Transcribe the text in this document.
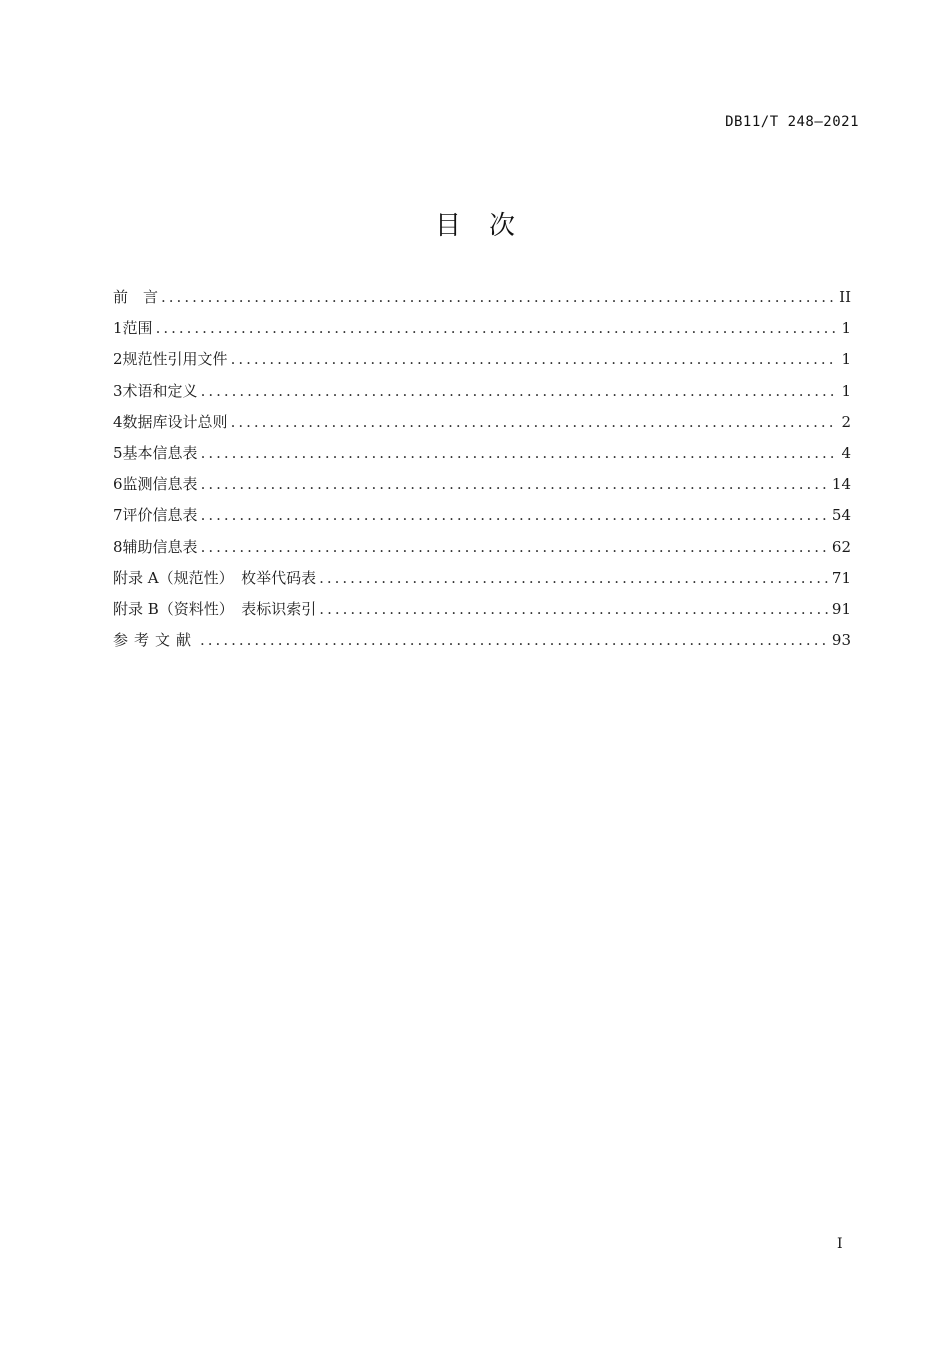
DB11/T 248—2021
目 次
前　言 .....	II
1 范围 .....	1
2 规范性引用文件 .....	1
3 术语和定义 .....	1
4 数据库设计总则 .....	2
5 基本信息表 .....	4
6 监测信息表 .....	14
7 评价信息表 .....	54
8 辅助信息表 .....	62
附录 A（规范性）　枚举代码表 .....	71
附录 B（资料性）　表标识索引 .....	91
参考文献 .....	93
I
